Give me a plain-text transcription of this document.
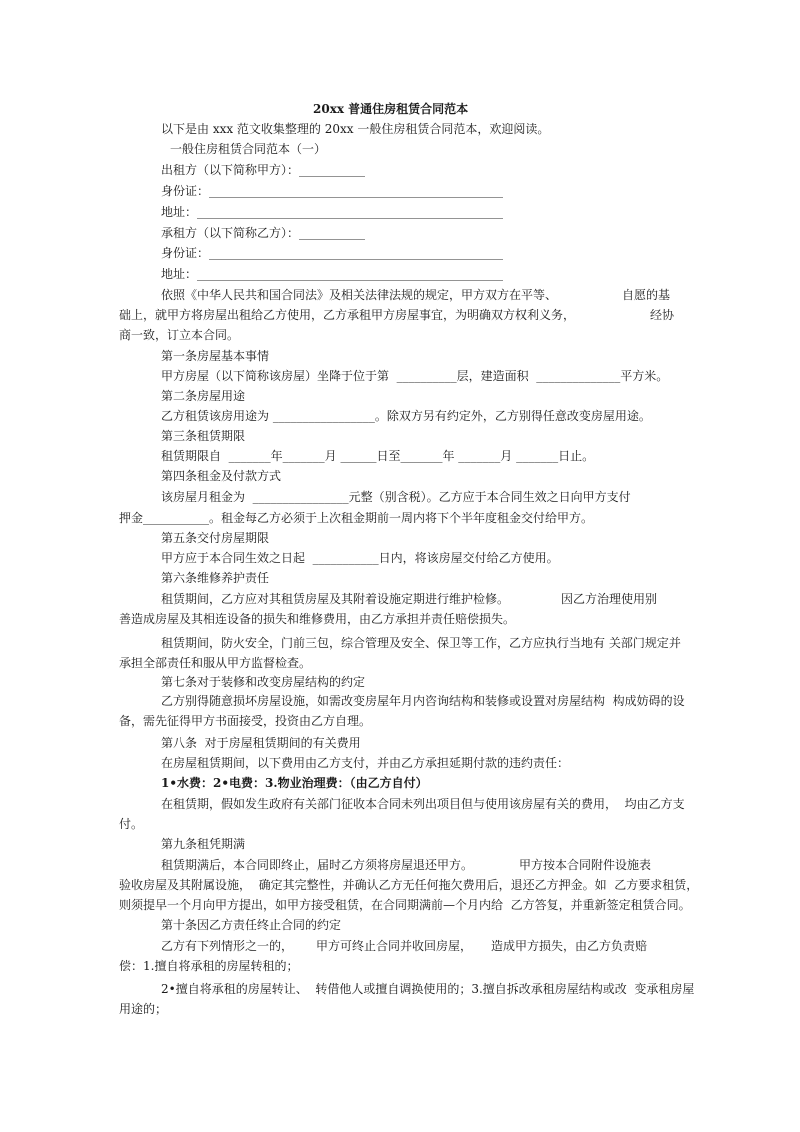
20xx 普通住房租赁合同范本
以下是由 xxx 范文收集整理的 20xx 一般住房租赁合同范本，欢迎阅读。
一般住房租赁合同范本（一）
出租方（以下简称甲方）：___________
身份证：_________________________________________________
地址：___________________________________________________
承租方（以下简称乙方）：___________
身份证：_________________________________________________
地址：___________________________________________________
依照《中华人民共和国合同法》及相关法律法规的规定，甲方双方在平等、	自愿的基
础上，就甲方将房屋出租给乙方使用，乙方承租甲方房屋事宜，为明确双方权利义务，	经协
商一致，订立本合同。
第一条房屋基本事情
甲方房屋（以下简称该房屋）坐降于位于第  __________层，建造面积  ______________平方米。
第二条房屋用途
乙方租赁该房用途为 _________________。除双方另有约定外，乙方别得任意改变房屋用途。
第三条租赁期限
租赁期限自  _______年_______月 ______日至_______年 _______月 _______日止。
第四条租金及付款方式
该房屋月租金为  ________________元整（别含税）。乙方应于本合同生效之日向甲方支付
押金___________。租金每乙方必须于上次租金期前一周内将下个半年度租金交付给甲方。
第五条交付房屋期限
甲方应于本合同生效之日起  ___________日内，将该房屋交付给乙方使用。
第六条维修养护责任
租赁期间，乙方应对其租赁房屋及其附着设施定期进行维护检修。	因乙方治理使用别
善造成房屋及其相连设备的损失和维修费用，由乙方承担并责任赔偿损失。
租赁期间，防火安全，门前三包，综合管理及安全、保卫等工作，乙方应执行当地有 关部门规定并
承担全部责任和服从甲方监督检查。
第七条对于装修和改变房屋结构的约定
乙方别得随意损坏房屋设施，如需改变房屋年月内咨询结构和装修或设置对房屋结构  构成妨碍的设
备，需先征得甲方书面接受，投资由乙方自理。
第八条  对于房屋租赁期间的有关费用
在房屋租赁期间，以下费用由乙方支付，并由乙方承担延期付款的违约责任：
1•水费：2•电费：3.物业治理费：（由乙方自付）
在租赁期，假如发生政府有关部门征收本合同未列出项目但与使用该房屋有关的费用，  均由乙方支
付。
第九条租凭期满
租赁期满后，本合同即终止，届时乙方须将房屋退还甲方。	甲方按本合同附件设施表
验收房屋及其附属设施，  确定其完整性，并确认乙方无任何拖欠费用后，退还乙方押金。如  乙方要求租赁，
则须提早一个月向甲方提出，如甲方接受租赁，在合同期满前—个月内给  乙方答复，并重新签定租赁合同。
第十条因乙方责任终止合同的约定
乙方有下列情形之一的， 甲方可终止合同并收回房屋， 造成甲方损失，由乙方负责赔
偿：1.擅自将承租的房屋转租的；
2•擅自将承租的房屋转让、  转借他人或擅自调换使用的；3.擅自拆改承租房屋结构或改  变承租房屋
用途的；
